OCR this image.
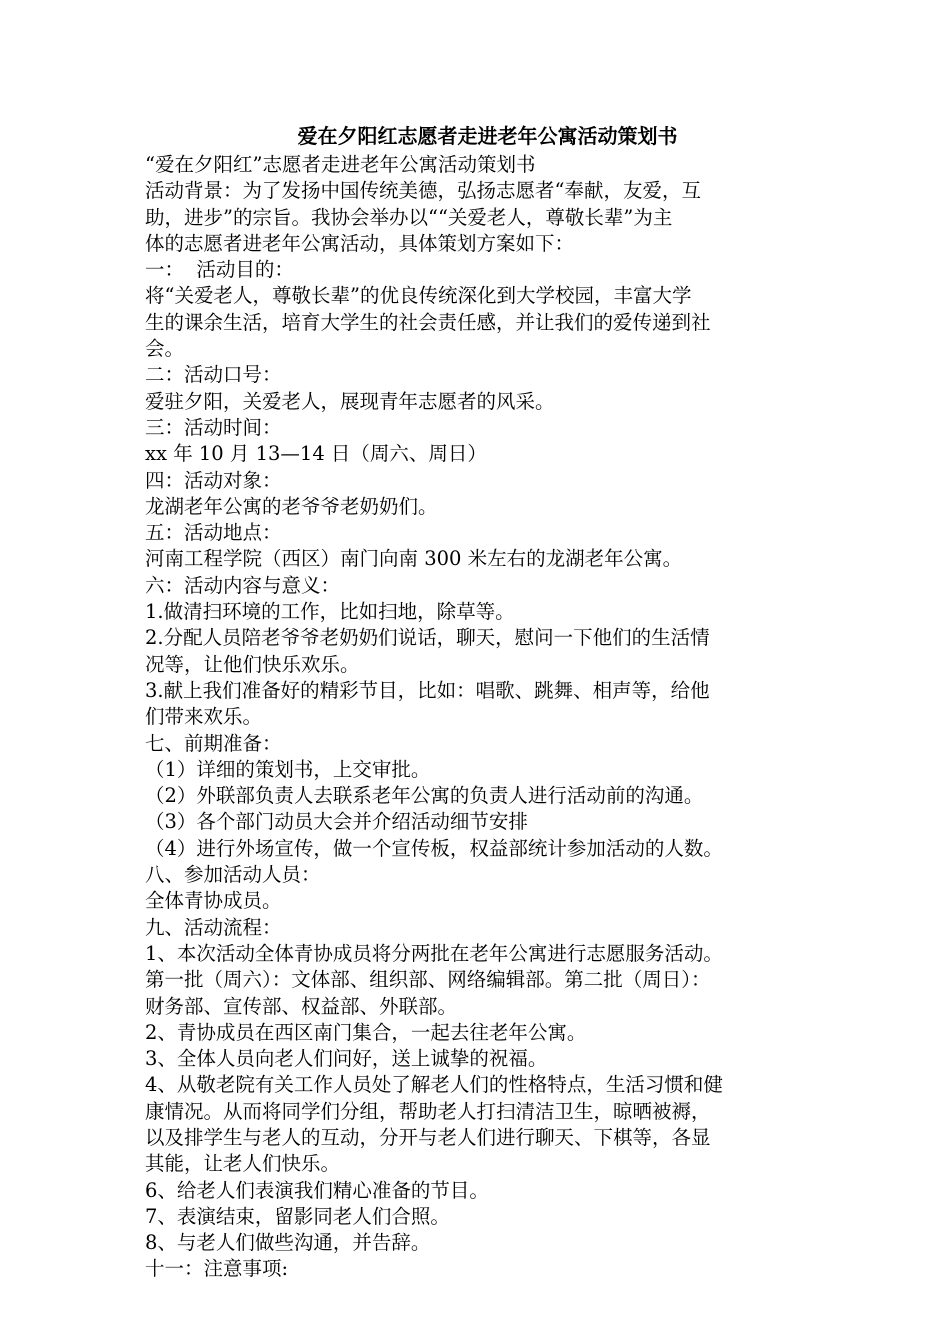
爱在夕阳红志愿者走进老年公寓活动策划书

“爱在夕阳红”志愿者走进老年公寓活动策划书

活动背景：为了发扬中国传统美德，弘扬志愿者“奉献，友爱，互

助，进步”的宗旨。我协会举办以““关爱老人，尊敬长辈”为主

体的志愿者进老年公寓活动，具体策划方案如下：

一：  活动目的：

将“关爱老人，尊敬长辈”的优良传统深化到大学校园，丰富大学

生的课余生活，培育大学生的社会责任感，并让我们的爱传递到社

会。

二：活动口号：

爱驻夕阳，关爱老人，展现青年志愿者的风采。

三：活动时间：

xx 年 10 月 13—14 日（周六、周日）

四：活动对象：

龙湖老年公寓的老爷爷老奶奶们。

五：活动地点：

河南工程学院（西区）南门向南 300 米左右的龙湖老年公寓。

六：活动内容与意义：

1.做清扫环境的工作，比如扫地，除草等。

2.分配人员陪老爷爷老奶奶们说话，聊天，慰问一下他们的生活情

况等，让他们快乐欢乐。

3.献上我们准备好的精彩节目，比如：唱歌、跳舞、相声等，给他

们带来欢乐。

七、前期准备：

（1）详细的策划书，上交审批。

（2）外联部负责人去联系老年公寓的负责人进行活动前的沟通。

（3）各个部门动员大会并介绍活动细节安排

（4）进行外场宣传，做一个宣传板，权益部统计参加活动的人数。

八、参加活动人员：

全体青协成员。

九、活动流程：

1、本次活动全体青协成员将分两批在老年公寓进行志愿服务活动。

第一批（周六）：文体部、组织部、网络编辑部。第二批（周日）：

财务部、宣传部、权益部、外联部。

2、青协成员在西区南门集合，一起去往老年公寓。

3、全体人员向老人们问好，送上诚挚的祝福。

4、从敬老院有关工作人员处了解老人们的性格特点，生活习惯和健

康情况。从而将同学们分组，帮助老人打扫清洁卫生，晾晒被褥，

以及排学生与老人的互动，分开与老人们进行聊天、下棋等，各显

其能，让老人们快乐。

6、给老人们表演我们精心准备的节目。

7、表演结束，留影同老人们合照。

8、与老人们做些沟通，并告辞。

十一：注意事项:
